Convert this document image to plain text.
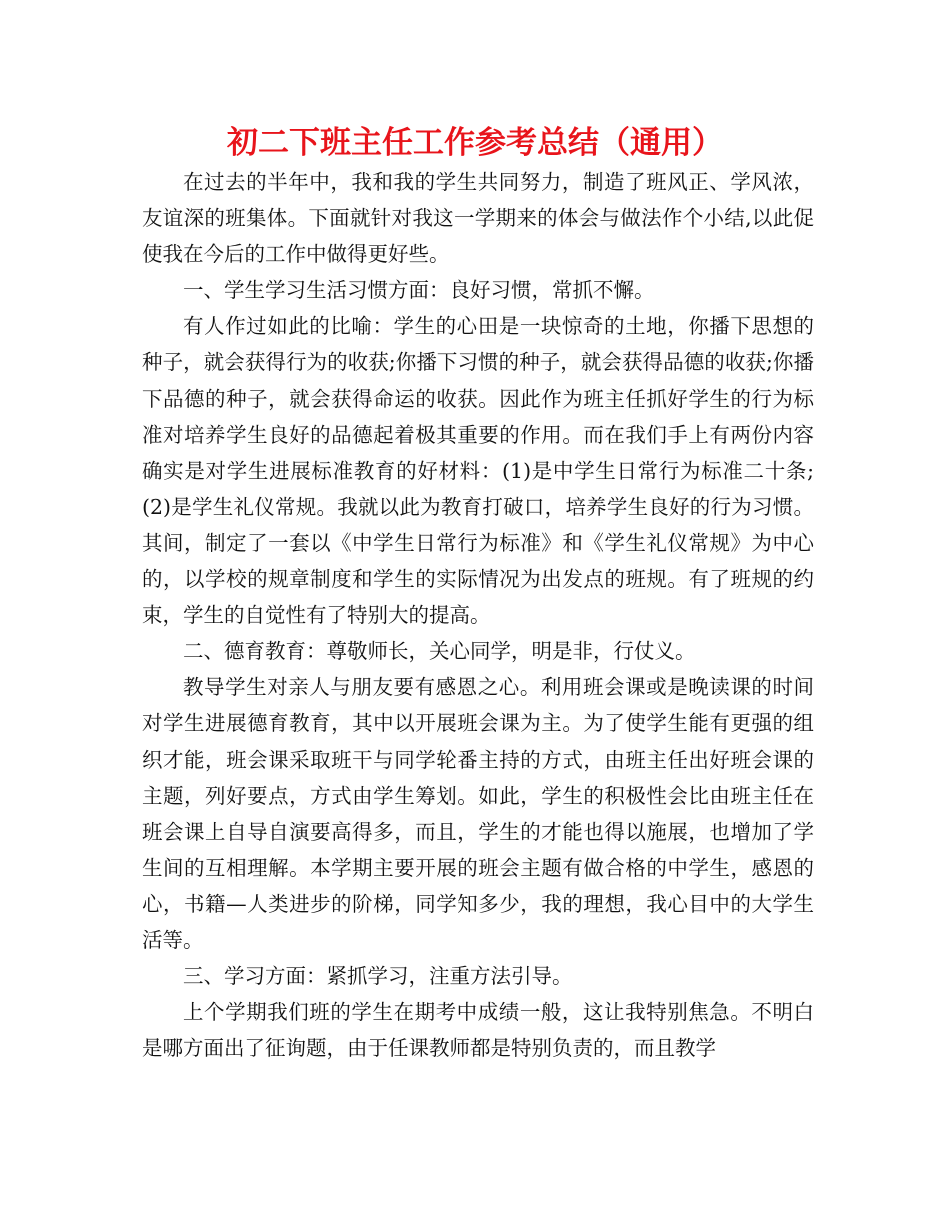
初二下班主任工作参考总结（通用）

在过去的半年中，我和我的学生共同努力，制造了班风正、学风浓，友谊深的班集体。下面就针对我这一学期来的体会与做法作个小结,以此促使我在今后的工作中做得更好些。

一、学生学习生活习惯方面：良好习惯，常抓不懈。

有人作过如此的比喻：学生的心田是一块惊奇的土地，你播下思想的种子，就会获得行为的收获;你播下习惯的种子，就会获得品德的收获;你播下品德的种子，就会获得命运的收获。因此作为班主任抓好学生的行为标准对培养学生良好的品德起着极其重要的作用。而在我们手上有两份内容确实是对学生进展标准教育的好材料：(1)是中学生日常行为标准二十条;(2)是学生礼仪常规。我就以此为教育打破口，培养学生良好的行为习惯。其间，制定了一套以《中学生日常行为标准》和《学生礼仪常规》为中心的，以学校的规章制度和学生的实际情况为出发点的班规。有了班规的约束，学生的自觉性有了特别大的提高。

二、德育教育：尊敬师长，关心同学，明是非，行仗义。

教导学生对亲人与朋友要有感恩之心。利用班会课或是晚读课的时间对学生进展德育教育，其中以开展班会课为主。为了使学生能有更强的组织才能，班会课采取班干与同学轮番主持的方式，由班主任出好班会课的主题，列好要点，方式由学生筹划。如此，学生的积极性会比由班主任在班会课上自导自演要高得多，而且，学生的才能也得以施展，也增加了学生间的互相理解。本学期主要开展的班会主题有做合格的中学生，感恩的心，书籍—人类进步的阶梯，同学知多少，我的理想，我心目中的大学生活等。

三、学习方面：紧抓学习，注重方法引导。

上个学期我们班的学生在期考中成绩一般，这让我特别焦急。不明白是哪方面出了征询题，由于任课教师都是特别负责的，而且教学
